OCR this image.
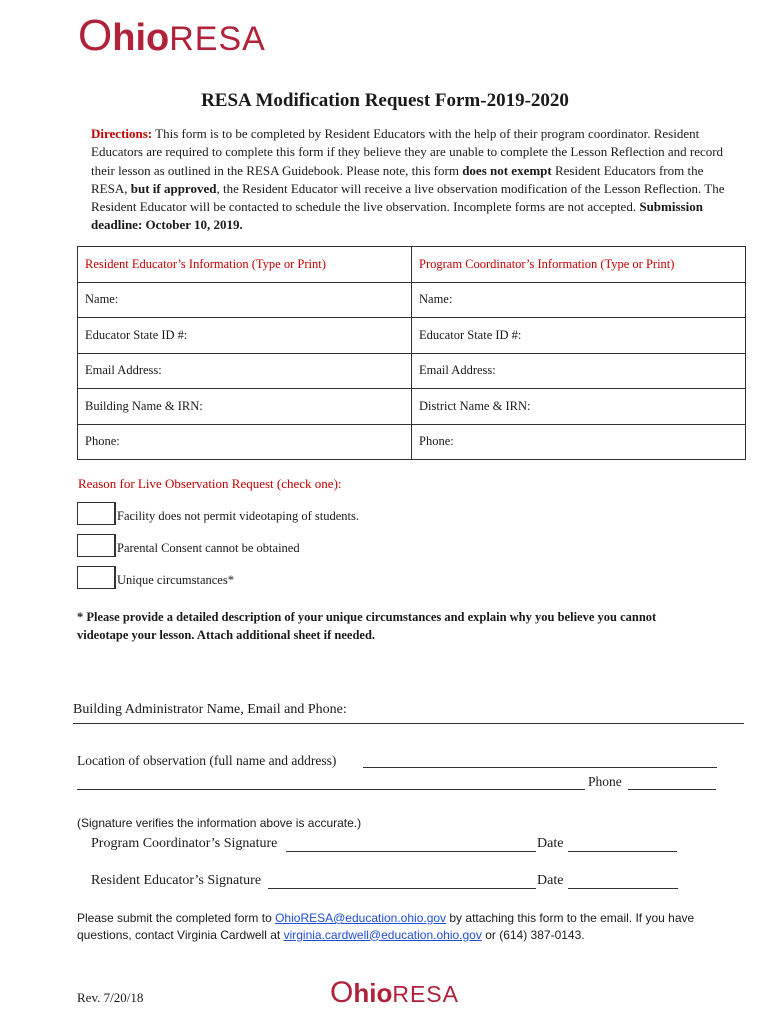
OhioRESA
RESA Modification Request Form-2019-2020
Directions: This form is to be completed by Resident Educators with the help of their program coordinator. Resident Educators are required to complete this form if they believe they are unable to complete the Lesson Reflection and record their lesson as outlined in the RESA Guidebook. Please note, this form does not exempt Resident Educators from the RESA, but if approved, the Resident Educator will receive a live observation modification of the Lesson Reflection. The Resident Educator will be contacted to schedule the live observation. Incomplete forms are not accepted. Submission deadline: October 10, 2019.
Resident Educator’s Information (Type or Print)	Program Coordinator’s Information (Type or Print)
Name:	Name:
Educator State ID #:	Educator State ID #:
Email Address:	Email Address:
Building Name & IRN:	District Name & IRN:
Phone:	Phone:
Reason for Live Observation Request (check one):
Facility does not permit videotaping of students.
Parental Consent cannot be obtained
Unique circumstances*
* Please provide a detailed description of your unique circumstances and explain why you believe you cannot videotape your lesson. Attach additional sheet if needed.
Building Administrator Name, Email and Phone:
Location of observation (full name and address)
Phone
(Signature verifies the information above is accurate.)
Program Coordinator’s Signature	Date
Resident Educator’s Signature	Date
Please submit the completed form to OhioRESA@education.ohio.gov by attaching this form to the email. If you have questions, contact Virginia Cardwell at virginia.cardwell@education.ohio.gov or (614) 387-0143.
Rev. 7/20/18	OhioRESA
